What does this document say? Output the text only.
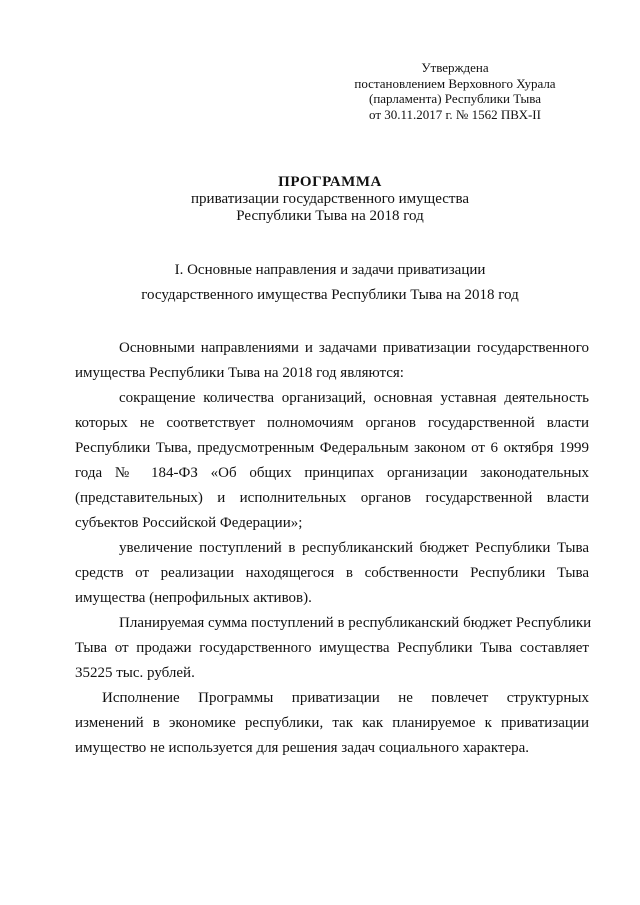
Утверждена
постановлением Верховного Хурала
(парламента) Республики Тыва
от 30.11.2017 г. № 1562 ПВХ-II
ПРОГРАММА
приватизации государственного имущества
Республики Тыва на 2018 год
I. Основные направления и задачи приватизации
государственного имущества Республики Тыва на 2018 год
Основными направлениями и задачами приватизации государственного
имущества Республики Тыва на 2018 год являются:
сокращение количества организаций, основная уставная деятельность
которых не соответствует полномочиям органов государственной власти
Республики Тыва, предусмотренным Федеральным законом от 6 октября 1999
года № 184-ФЗ «Об общих принципах организации законодательных
(представительных) и исполнительных органов государственной власти
субъектов Российской Федерации»;
увеличение поступлений в республиканский бюджет Республики Тыва
средств от реализации находящегося в собственности Республики Тыва
имущества (непрофильных активов).
Планируемая сумма поступлений в республиканский бюджет Республики
Тыва от продажи государственного имущества Республики Тыва составляет
35225 тыс. рублей.
Исполнение Программы приватизации не повлечет структурных
изменений в экономике республики, так как планируемое к приватизации
имущество не используется для решения задач социального характера.
